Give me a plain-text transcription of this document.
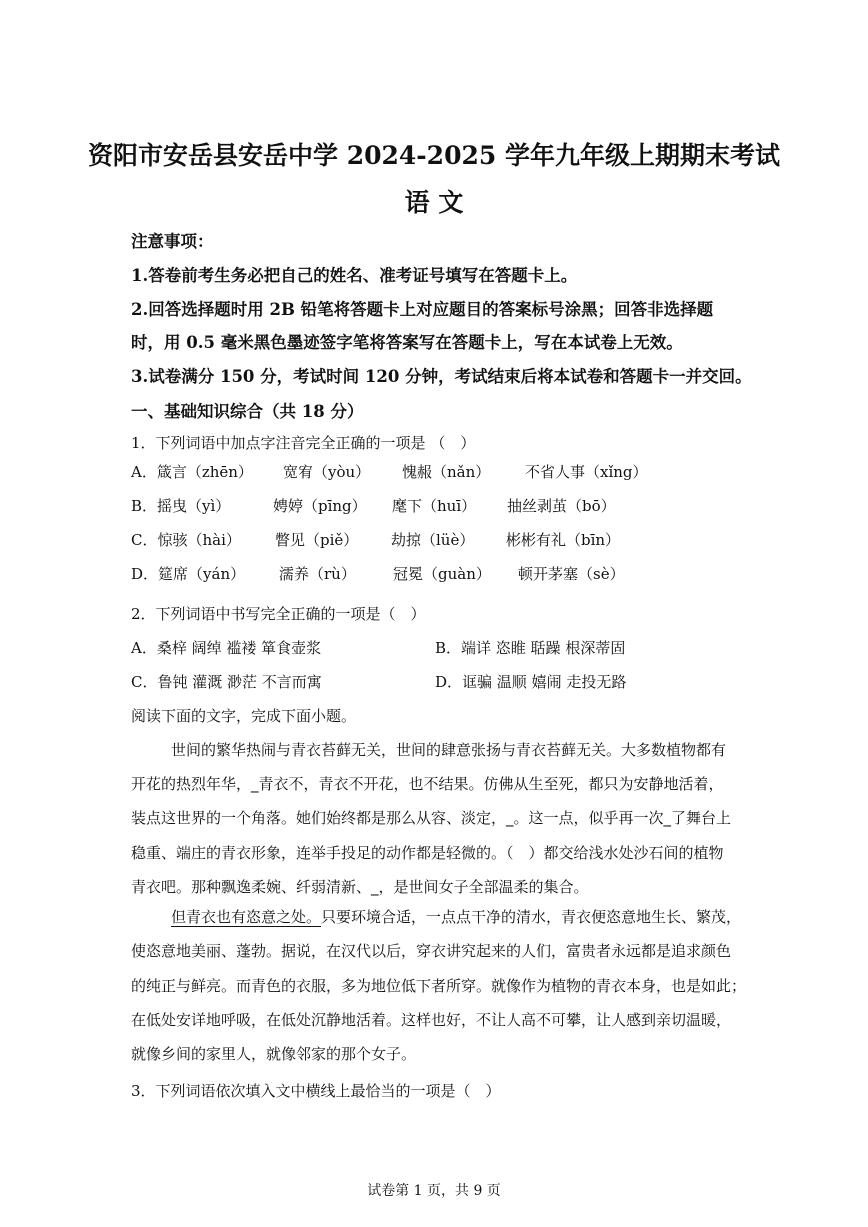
资阳市安岳县安岳中学 2024-2025 学年九年级上期期末考试
语 文
注意事项：
1.答卷前考生务必把自己的姓名、准考证号填写在答题卡上。
2.回答选择题时用 2B 铅笔将答题卡上对应题目的答案标号涂黑；回答非选择题
时，用 0.5 毫米黑色墨迹签字笔将答案写在答题卡上，写在本试卷上无效。
3.试卷满分 150 分，考试时间 120 分钟，考试结束后将本试卷和答题卡一并交回。
一、基础知识综合（共 18 分）
1．下列词语中加点字注音完全正确的一项是 （　）
A．箴言（zhēn） 宽宥（yòu） 愧赧（nǎn） 不省人事（xǐng）
B．摇曳（yì）	娉婷（pīng） 麾下（huī） 抽丝剥茧（bō）
C．惊骇（hài） 瞥见（piě） 劫掠（lüè） 彬彬有礼（bīn）
D．筵席（yán） 濡养（rù） 冠冕（guàn） 顿开茅塞（sè）
2．下列词语中书写完全正确的一项是（　）
A．桑梓 阔绰 褴褛 箪食壶浆	B．端详 恣睢 聒躁 根深蒂固
C．鲁钝 灌溉 渺茫 不言而寓	D．诓骗 温顺 嬉闹 走投无路
阅读下面的文字，完成下面小题。
世间的繁华热闹与青衣苔藓无关，世间的肆意张扬与青衣苔藓无关。大多数植物都有
开花的热烈年华，_青衣不，青衣不开花，也不结果。仿佛从生至死，都只为安静地活着，
装点这世界的一个角落。她们始终都是那么从容、淡定，_。这一点，似乎再一次_了舞台上
稳重、端庄的青衣形象，连举手投足的动作都是轻微的。（　）都交给浅水处沙石间的植物
青衣吧。那种飘逸柔婉、纤弱清新、_，是世间女子全部温柔的集合。
但青衣也有恣意之处。只要环境合适，一点点干净的清水，青衣便恣意地生长、繁茂，
使恣意地美丽、蓬勃。据说，在汉代以后，穿衣讲究起来的人们，富贵者永远都是追求颜色
的纯正与鲜亮。而青色的衣服，多为地位低下者所穿。就像作为植物的青衣本身，也是如此；
在低处安详地呼吸，在低处沉静地活着。这样也好，不让人高不可攀，让人感到亲切温暖，
就像乡间的家里人，就像邻家的那个女子。
3．下列词语依次填入文中横线上最恰当的一项是（　）
试卷第 1 页，共 9 页
